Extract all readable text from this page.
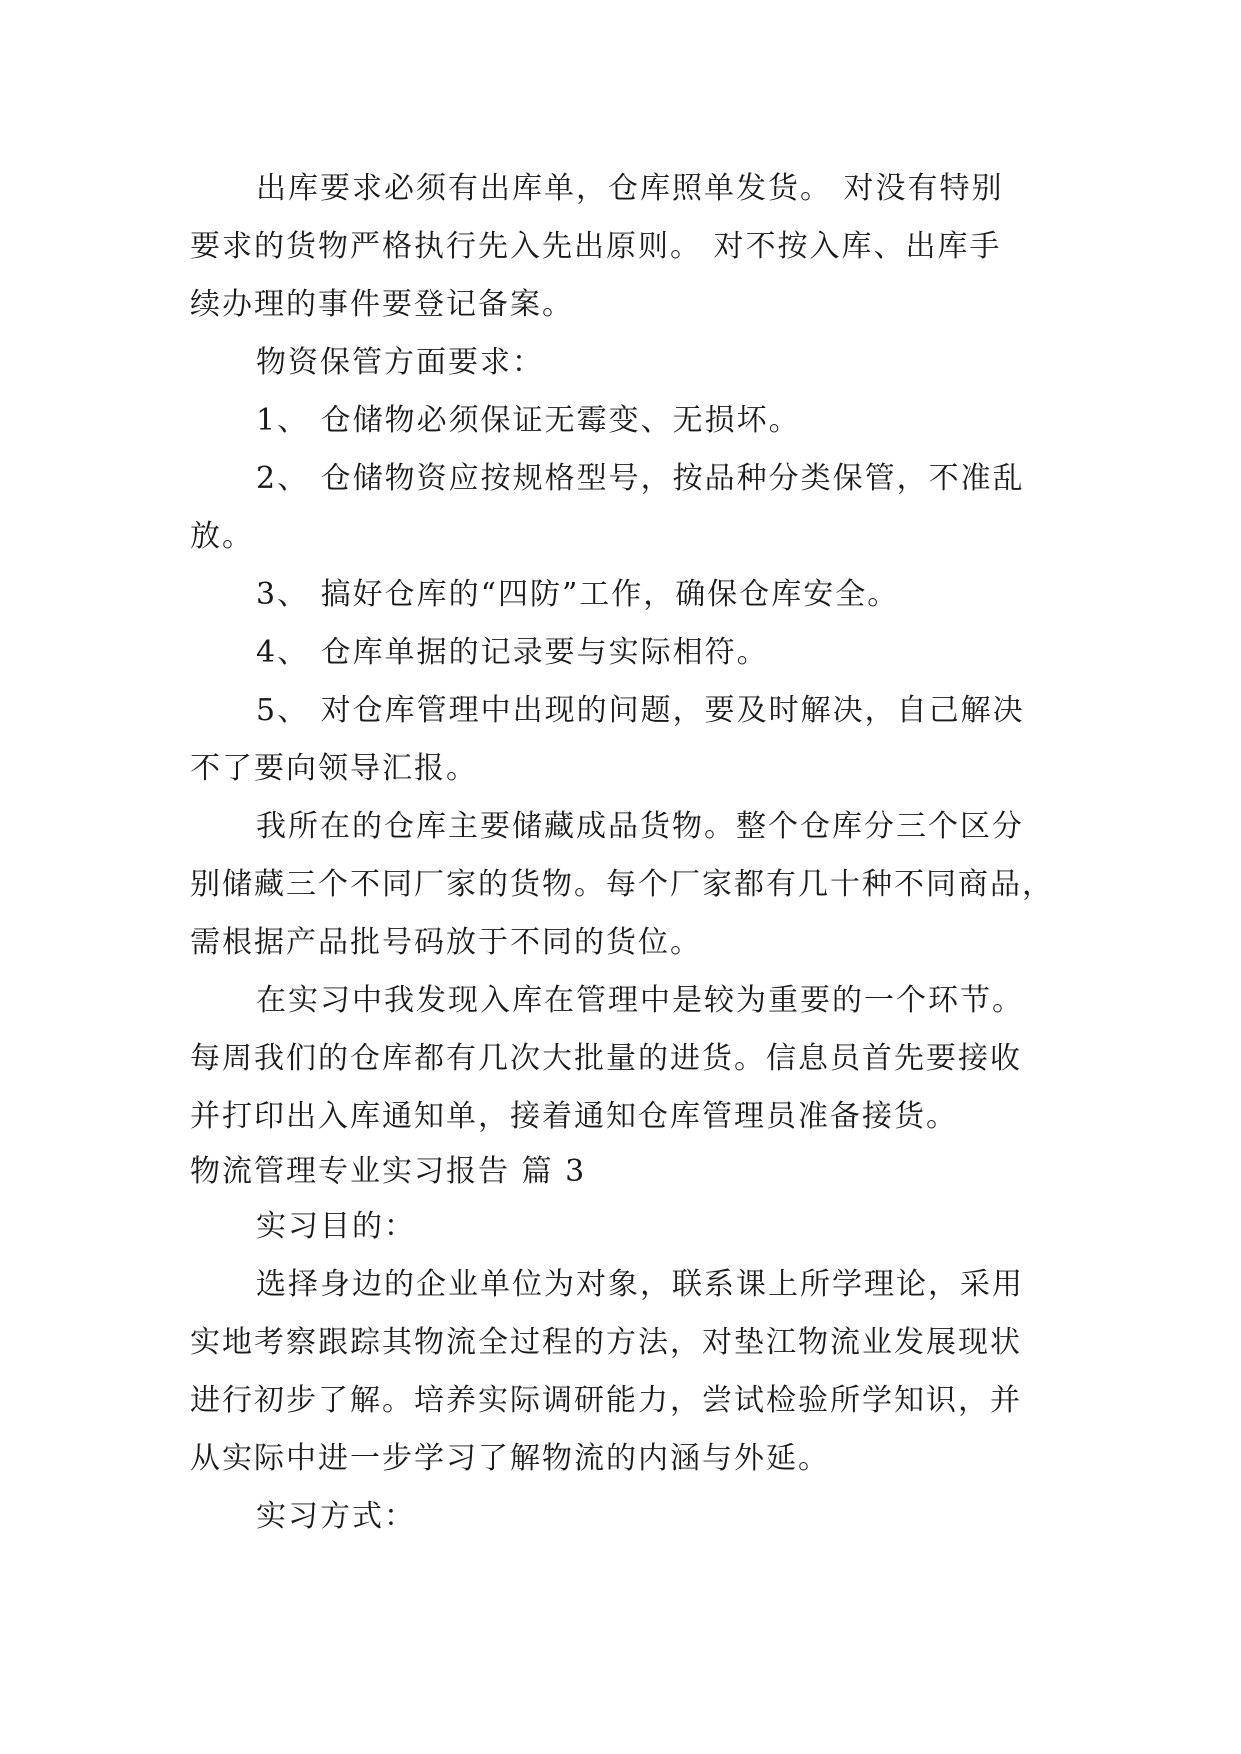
出库要求必须有出库单，仓库照单发货。 对没有特别
要求的货物严格执行先入先出原则。 对不按入库、出库手
续办理的事件要登记备案。
物资保管方面要求：
1、 仓储物必须保证无霉变、无损坏。
2、 仓储物资应按规格型号，按品种分类保管，不准乱
放。
3、 搞好仓库的“四防”工作，确保仓库安全。
4、 仓库单据的记录要与实际相符。
5、 对仓库管理中出现的问题，要及时解决，自己解决
不了要向领导汇报。
我所在的仓库主要储藏成品货物。整个仓库分三个区分
别储藏三个不同厂家的货物。每个厂家都有几十种不同商品，
需根据产品批号码放于不同的货位。
在实习中我发现入库在管理中是较为重要的一个环节。
每周我们的仓库都有几次大批量的进货。信息员首先要接收
并打印出入库通知单，接着通知仓库管理员准备接货。
物流管理专业实习报告 篇 3
实习目的：
选择身边的企业单位为对象，联系课上所学理论，采用
实地考察跟踪其物流全过程的方法，对垫江物流业发展现状
进行初步了解。培养实际调研能力，尝试检验所学知识，并
从实际中进一步学习了解物流的内涵与外延。
实习方式：
